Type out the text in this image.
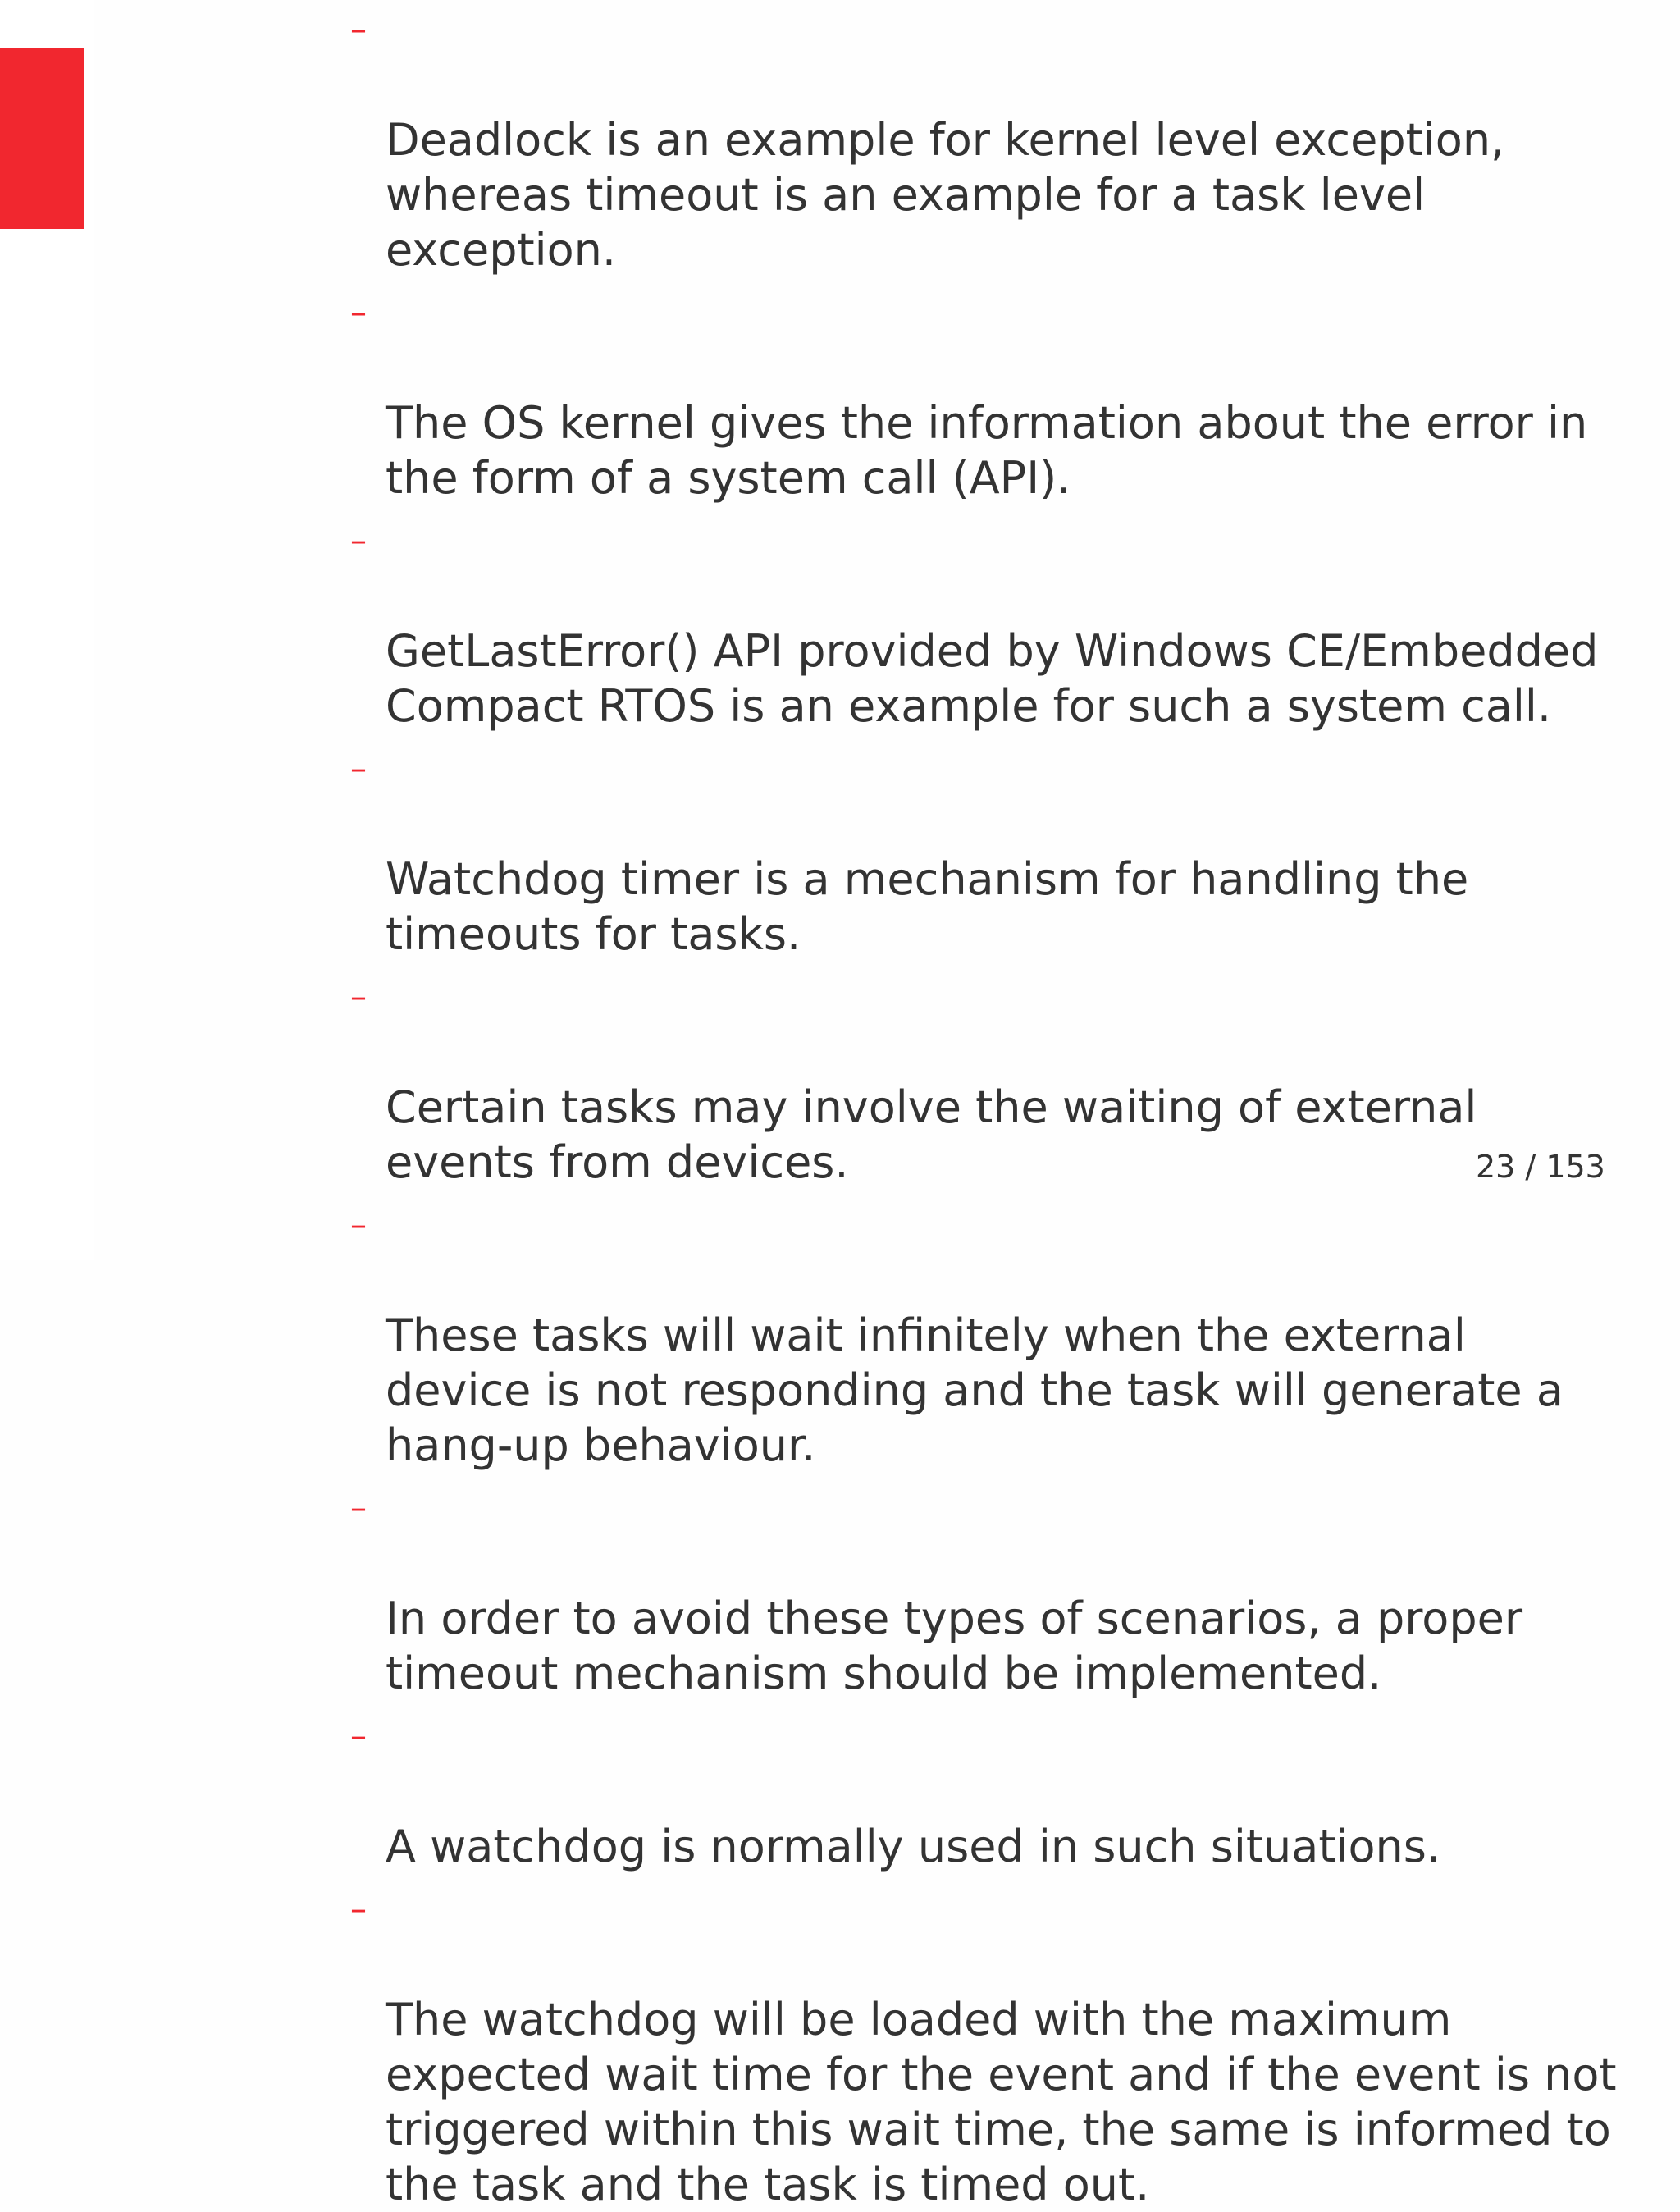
–

Deadlock is an example for kernel level exception,
whereas timeout is an example for a task level
exception.

–

The OS kernel gives the information about the error in
the form of a system call (API).

–

GetLastError() API provided by Windows CE/Embedded
Compact RTOS is an example for such a system call.

–

Watchdog timer is a mechanism for handling the
timeouts for tasks.

–

Certain tasks may involve the waiting of external
events from devices.

–

These tasks will wait infinitely when the external
device is not responding and the task will generate a
hang-up behaviour.

–

In order to avoid these types of scenarios, a proper
timeout mechanism should be implemented.

–

A watchdog is normally used in such situations.

–

The watchdog will be loaded with the maximum
expected wait time for the event and if the event is not
triggered within this wait time, the same is informed to
the task and the task is timed out.

23 / 153
